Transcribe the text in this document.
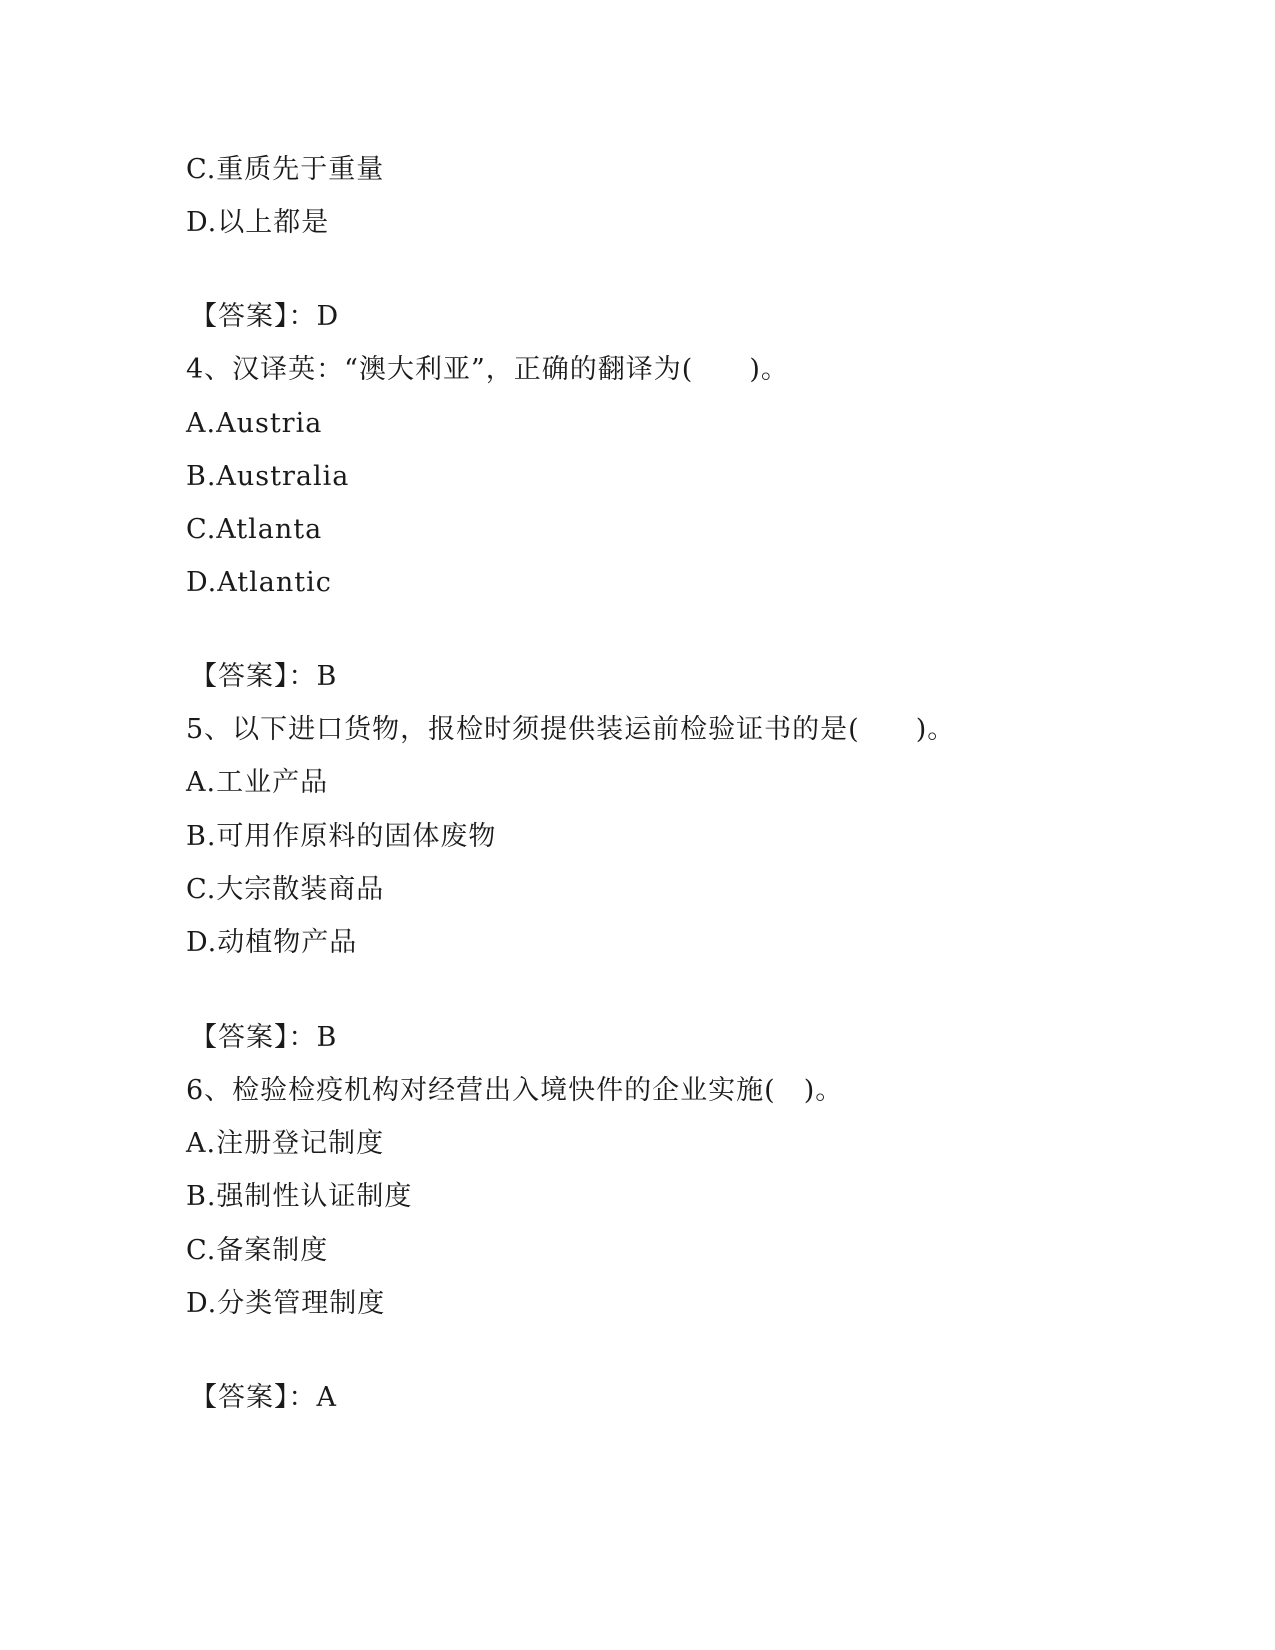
C.重质先于重量
D.以上都是
【答案】：D
4、汉译英：“澳大利亚”，正确的翻译为(　　)。
A.Austria
B.Australia
C.Atlanta
D.Atlantic
【答案】：B
5、以下进口货物，报检时须提供装运前检验证书的是(　　)。
A.工业产品
B.可用作原料的固体废物
C.大宗散装商品
D.动植物产品
【答案】：B
6、检验检疫机构对经营出入境快件的企业实施(　)。
A.注册登记制度
B.强制性认证制度
C.备案制度
D.分类管理制度
【答案】：A
